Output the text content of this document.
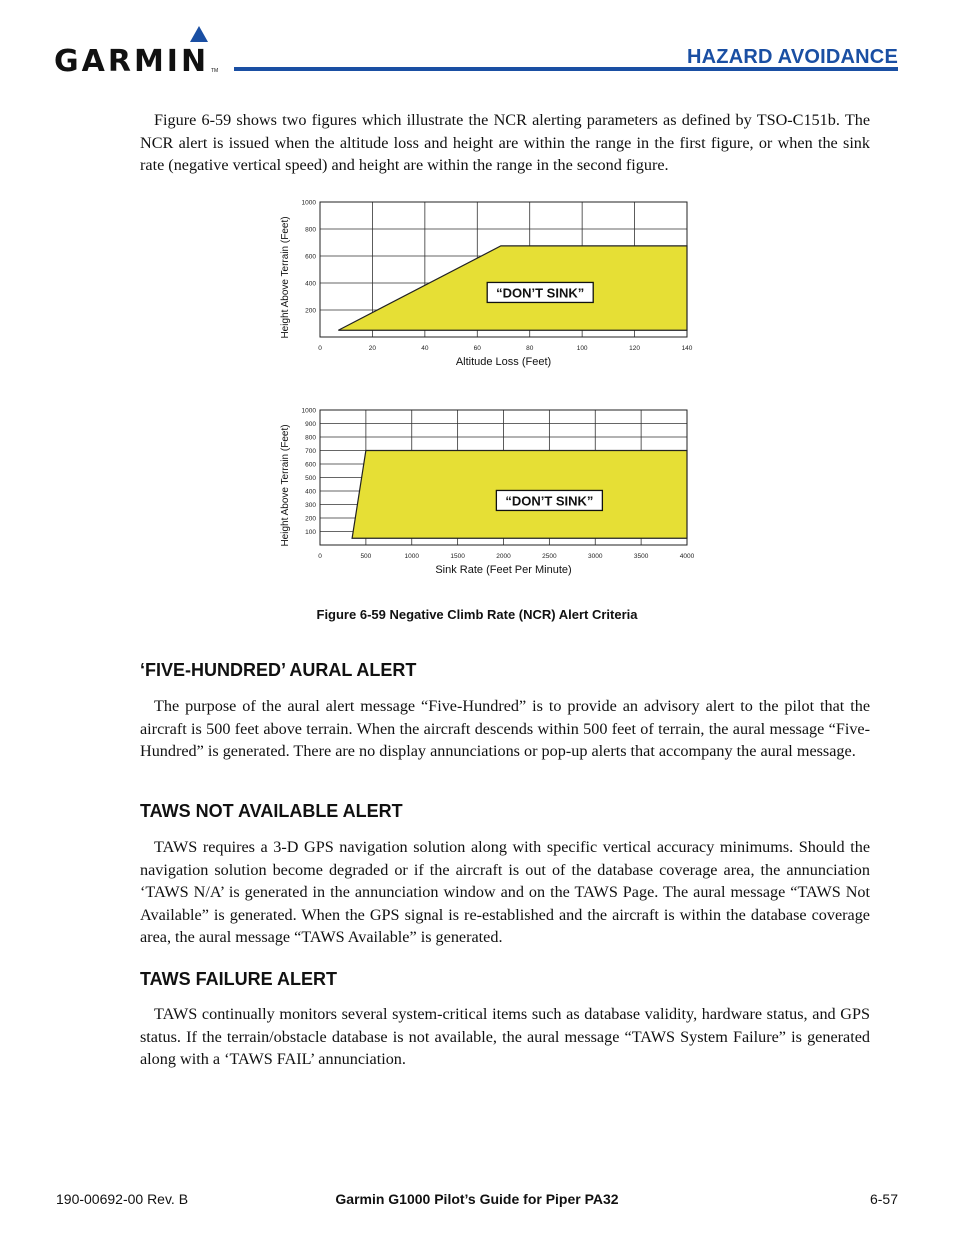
GARMIN TM
HAZARD AVOIDANCE

Figure 6-59 shows two figures which illustrate the NCR alerting parameters as defined by TSO-C151b. The NCR alert is issued when the altitude loss and height are within the range in the first figure, or when the sink rate (negative vertical speed) and height are within the range in the second figure.

0	20	40	60	80	100	120	140
1000
800
600
400
200
Altitude Loss (Feet)
Height Above Terrain (Feet)	“DON’T SINK”
0	500	1000	1500	2000	2500	3000	3500	4000
1000
900
800
700
600
500
400
300
200
100
Sink Rate (Feet Per Minute)
Height Above Terrain (Feet)	“DON’T SINK”
Figure 6-59 Negative Climb Rate (NCR) Alert Criteria
‘FIVE-HUNDRED’ AURAL ALERT

The purpose of the aural alert message “Five-Hundred” is to provide an advisory alert to the pilot that the aircraft is 500 feet above terrain. When the aircraft descends within 500 feet of terrain, the aural message “Five-Hundred” is generated. There are no display annunciations or pop-up alerts that accompany the aural message.

TAWS NOT AVAILABLE ALERT

TAWS requires a 3-D GPS navigation solution along with specific vertical accuracy minimums. Should the navigation solution become degraded or if the aircraft is out of the database coverage area, the annunciation ‘TAWS N/A’ is generated in the annunciation window and on the TAWS Page. The aural message “TAWS Not Available” is generated. When the GPS signal is re-established and the aircraft is within the database coverage area, the aural message “TAWS Available” is generated.

TAWS FAILURE ALERT

TAWS continually monitors several system-critical items such as database validity, hardware status, and GPS status. If the terrain/obstacle database is not available, the aural message “TAWS System Failure” is generated along with a ‘TAWS FAIL’ annunciation.

190-00692-00 Rev. B	Garmin G1000 Pilot’s Guide for Piper PA32	6-57
